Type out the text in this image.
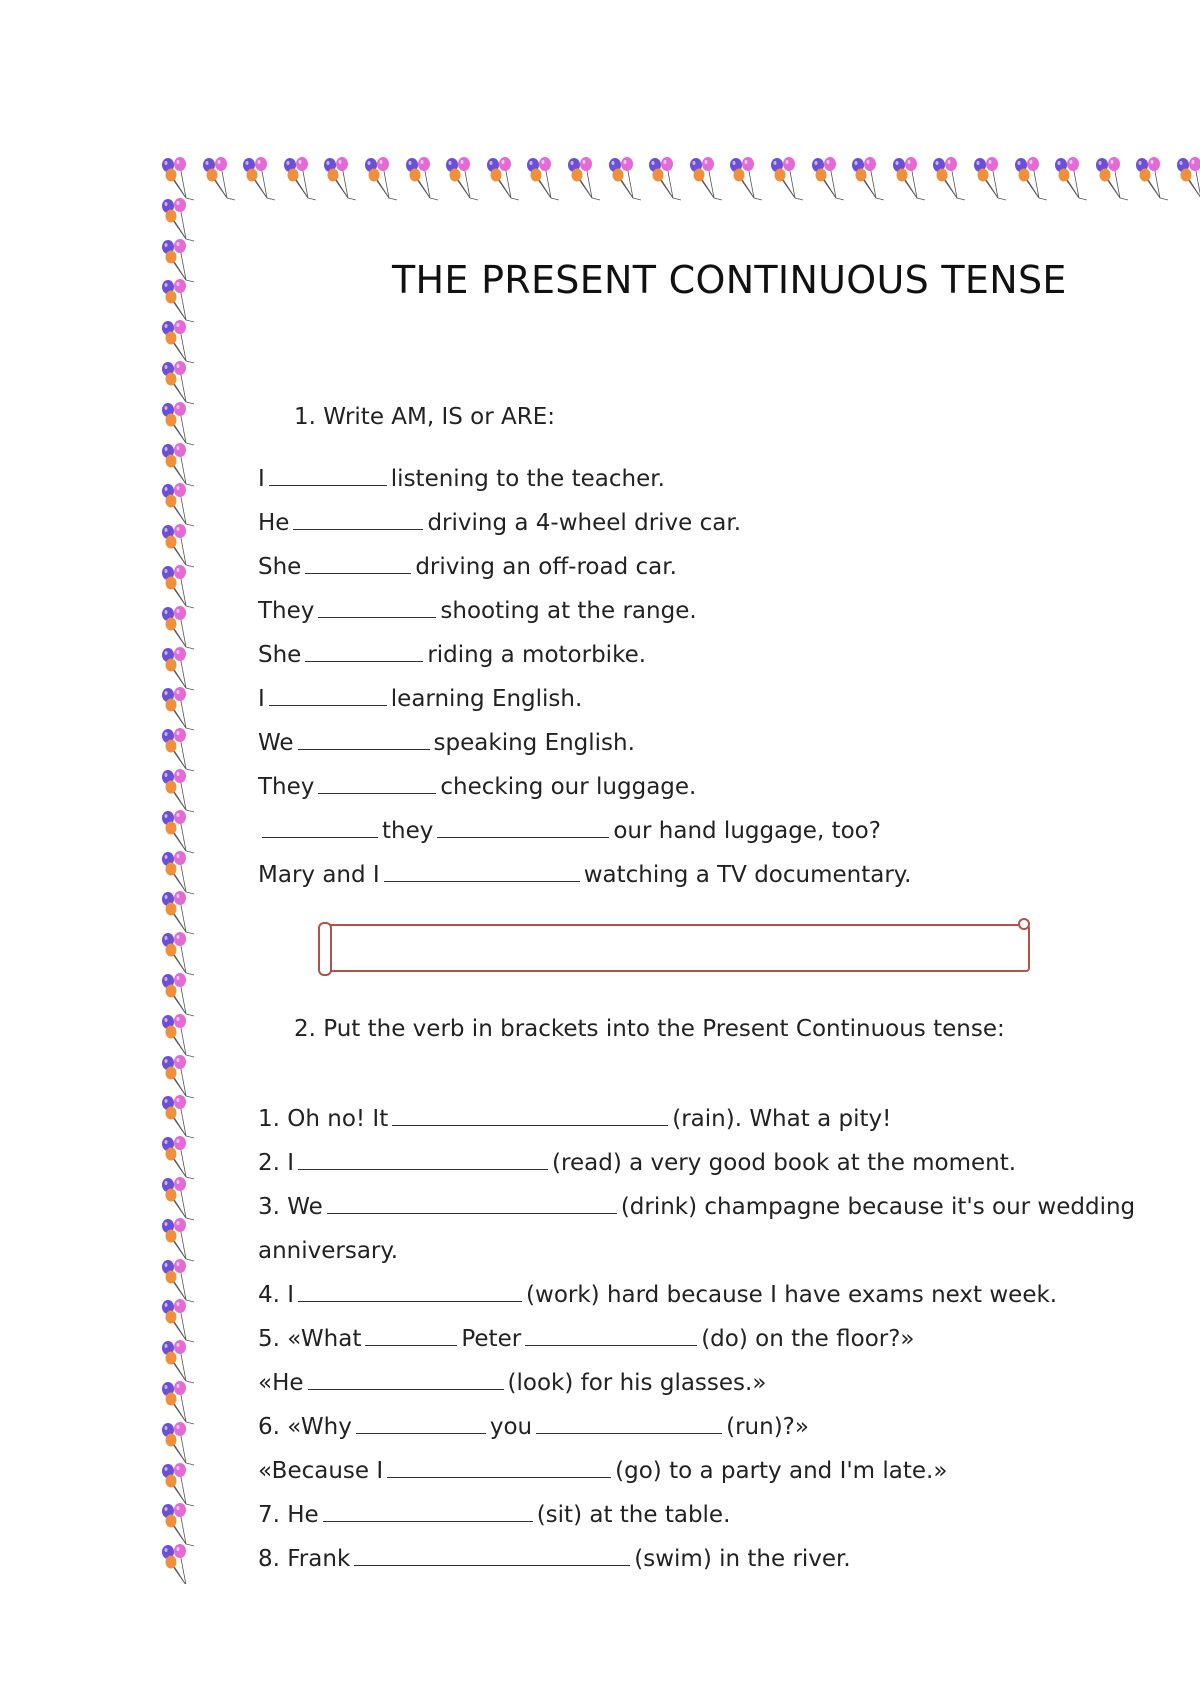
THE PRESENT CONTINUOUS TENSE
1. Write AM, IS or ARE:
I	listening to the teacher.
He	driving a 4-wheel drive car.
She	driving an off-road car.
They	shooting at the range.
She	riding a motorbike.
I	learning English.
We	speaking English.
They	checking our luggage.
they	our hand luggage, too?
Mary and I	watching a TV documentary.
2. Put the verb in brackets into the Present Continuous tense:
1. Oh no! It	(rain). What a pity!
2. I	(read) a very good book at the moment.
3. We	(drink) champagne because it's our wedding
anniversary.
4. I	(work) hard because I have exams next week.
5. «What	Peter	(do) on the floor?»
«He	(look) for his glasses.»
6. «Why	you	(run)?»
«Because I	(go) to a party and I'm late.»
7. He	(sit) at the table.
8. Frank	(swim) in the river.
